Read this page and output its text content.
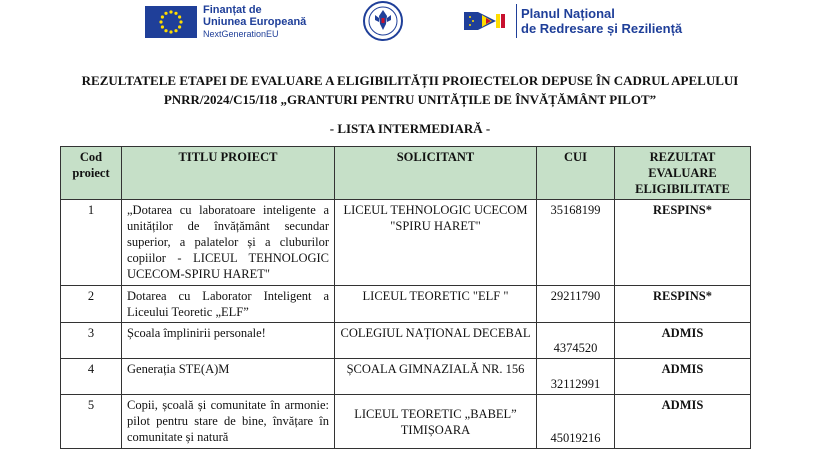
Finanțat de
Uniunea Europeană
NextGenerationEU
Planul Național
de Redresare și Reziliență
REZULTATELE ETAPEI DE EVALUARE A ELIGIBILITĂȚII PROIECTELOR DEPUSE ÎN CADRUL APELULUI
PNRR/2024/C15/I18 „GRANTURI PENTRU UNITĂȚILE DE ÎNVĂȚĂMÂNT PILOT”
- LISTA INTERMEDIARĂ -
Cod proiect	TITLU PROIECT	SOLICITANT	CUI	REZULTAT EVALUARE ELIGIBILITATE
1	„Dotarea cu laboratoare inteligente a unităților de învățământ secundar superior, a palatelor și a cluburilor copiilor - LICEUL TEHNOLOGIC UCECOM-SPIRU HARET"	LICEUL TEHNOLOGIC UCECOM "SPIRU HARET"	35168199	RESPINS*
2	Dotarea cu Laborator Inteligent a Liceului Teoretic „ELF”	LICEUL TEORETIC "ELF "	29211790	RESPINS*
3	Școala împlinirii personale!	COLEGIUL NAȚIONAL DECEBAL	4374520	ADMIS
4	Generația STE(A)M	ȘCOALA GIMNAZIALĂ NR. 156	32112991	ADMIS
5	Copii, școală și comunitate în armonie: pilot pentru stare de bine, învățare în comunitate și natură	LICEUL TEORETIC „BABEL” TIMIȘOARA	45019216	ADMIS
